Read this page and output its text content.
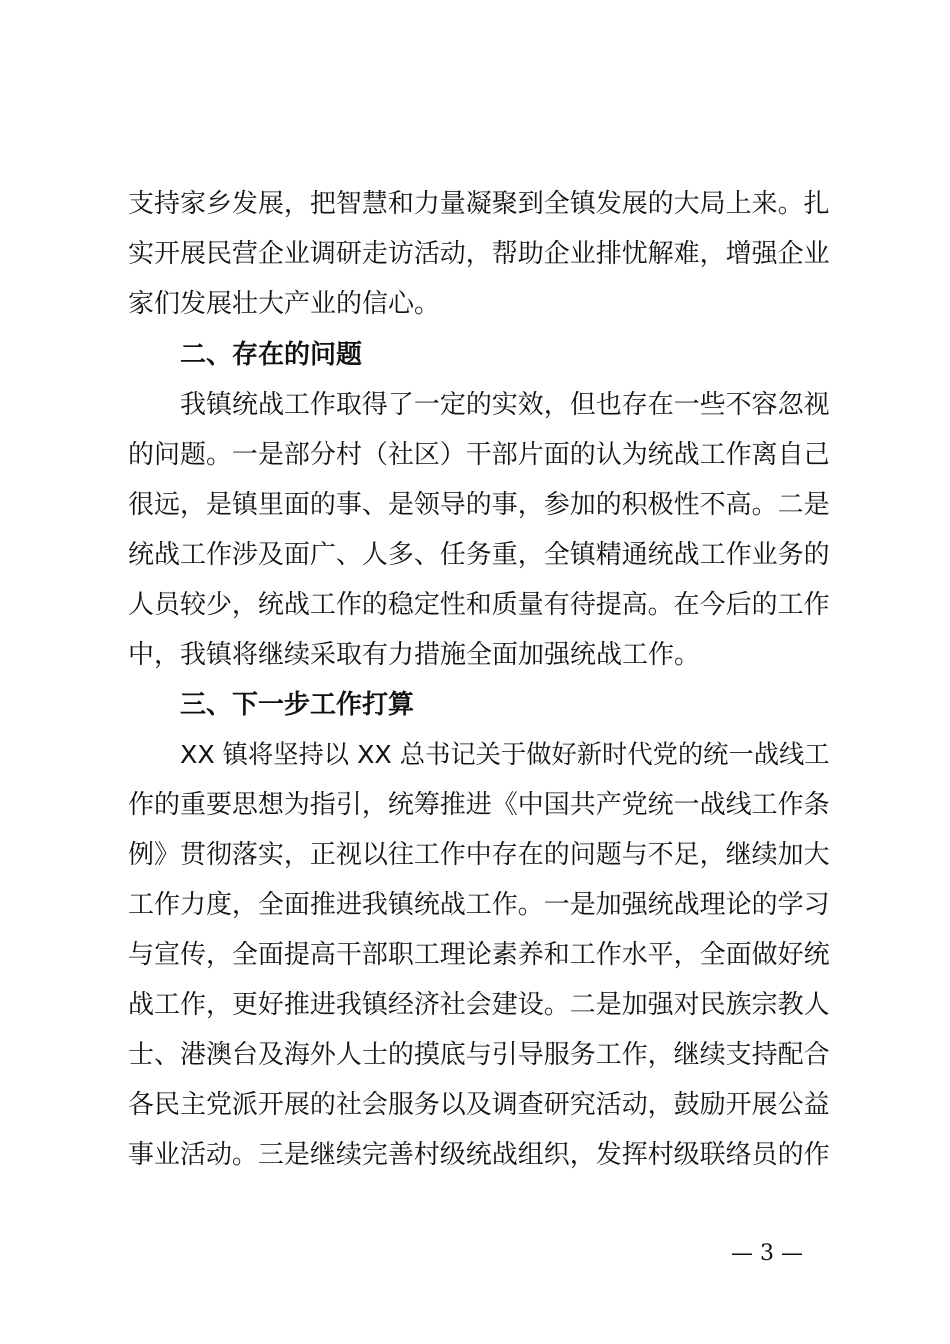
支持家乡发展，把智慧和力量凝聚到全镇发展的大局上来。扎
实开展民营企业调研走访活动，帮助企业排忧解难，增强企业
家们发展壮大产业的信心。
二、存在的问题
我镇统战工作取得了一定的实效，但也存在一些不容忽视
的问题。一是部分村（社区）干部片面的认为统战工作离自己
很远，是镇里面的事、是领导的事，参加的积极性不高。二是
统战工作涉及面广、人多、任务重，全镇精通统战工作业务的
人员较少，统战工作的稳定性和质量有待提高。在今后的工作
中，我镇将继续采取有力措施全面加强统战工作。
三、下一步工作打算
XX 镇将坚持以 XX 总书记关于做好新时代党的统一战线工
作的重要思想为指引，统筹推进《中国共产党统一战线工作条
例》贯彻落实，正视以往工作中存在的问题与不足，继续加大
工作力度，全面推进我镇统战工作。一是加强统战理论的学习
与宣传，全面提高干部职工理论素养和工作水平，全面做好统
战工作，更好推进我镇经济社会建设。二是加强对民族宗教人
士、港澳台及海外人士的摸底与引导服务工作，继续支持配合
各民主党派开展的社会服务以及调查研究活动，鼓励开展公益
事业活动。三是继续完善村级统战组织，发挥村级联络员的作
— 3 —
